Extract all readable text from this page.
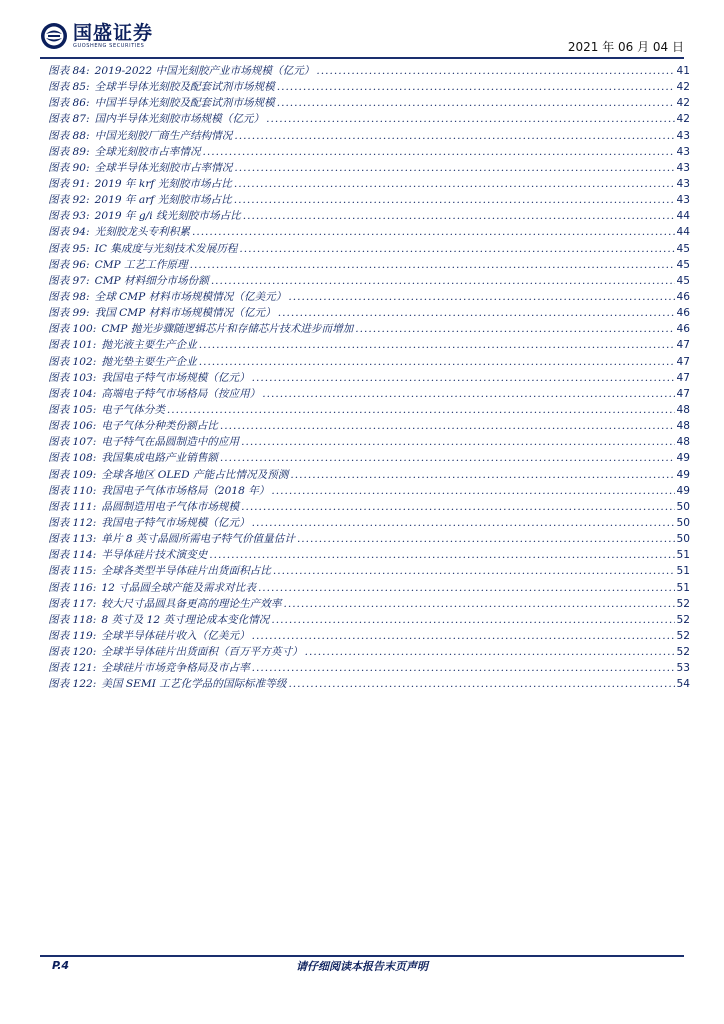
国盛证券
GUOSHENG SECURITIES	2021 年 06 月 04 日
图表 84: 2019-2022 中国光刻胶产业市场规模（亿元） .....	41
图表 85: 全球半导体光刻胶及配套试剂市场规模 .....	42
图表 86: 中国半导体光刻胶及配套试剂市场规模 .....	42
图表 87: 国内半导体光刻胶市场规模（亿元） .....	42
图表 88: 中国光刻胶厂商生产结构情况 .....	43
图表 89: 全球光刻胶市占率情况 .....	43
图表 90: 全球半导体光刻胶市占率情况 .....	43
图表 91: 2019 年 krf 光刻胶市场占比 .....	43
图表 92: 2019 年 arf 光刻胶市场占比 .....	43
图表 93: 2019 年 g/i 线光刻胶市场占比 .....	44
图表 94: 光刻胶龙头专利积累 .....	44
图表 95: IC 集成度与光刻技术发展历程 .....	45
图表 96: CMP 工艺工作原理 .....	45
图表 97: CMP 材料细分市场份额 .....	45
图表 98: 全球 CMP 材料市场规模情况（亿美元） .....	46
图表 99: 我国 CMP 材料市场规模情况（亿元） .....	46
图表 100: CMP 抛光步骤随逻辑芯片和存储芯片技术进步而增加 .....	46
图表 101: 抛光液主要生产企业 .....	47
图表 102: 抛光垫主要生产企业 .....	47
图表 103: 我国电子特气市场规模（亿元） .....	47
图表 104: 高端电子特气市场格局（按应用） .....	47
图表 105: 电子气体分类 .....	48
图表 106: 电子气体分种类份额占比 .....	48
图表 107: 电子特气在晶圆制造中的应用 .....	48
图表 108: 我国集成电路产业销售额 .....	49
图表 109: 全球各地区 OLED 产能占比情况及预测 .....	49
图表 110: 我国电子气体市场格局（2018 年） .....	49
图表 111: 晶圆制造用电子气体市场规模 .....	50
图表 112: 我国电子特气市场规模（亿元） .....	50
图表 113: 单片 8 英寸晶圆所需电子特气价值量估计 .....	50
图表 114: 半导体硅片技术演变史 .....	51
图表 115: 全球各类型半导体硅片出货面积占比 .....	51
图表 116: 12 寸晶圆全球产能及需求对比表 .....	51
图表 117: 较大尺寸晶圆具备更高的理论生产效率 .....	52
图表 118: 8 英寸及 12 英寸理论成本变化情况 .....	52
图表 119: 全球半导体硅片收入（亿美元） .....	52
图表 120: 全球半导体硅片出货面积（百万平方英寸） .....	52
图表 121: 全球硅片市场竞争格局及市占率 .....	53
图表 122: 美国 SEMI 工艺化学品的国际标准等级 .....	54
P.4	请仔细阅读本报告末页声明
